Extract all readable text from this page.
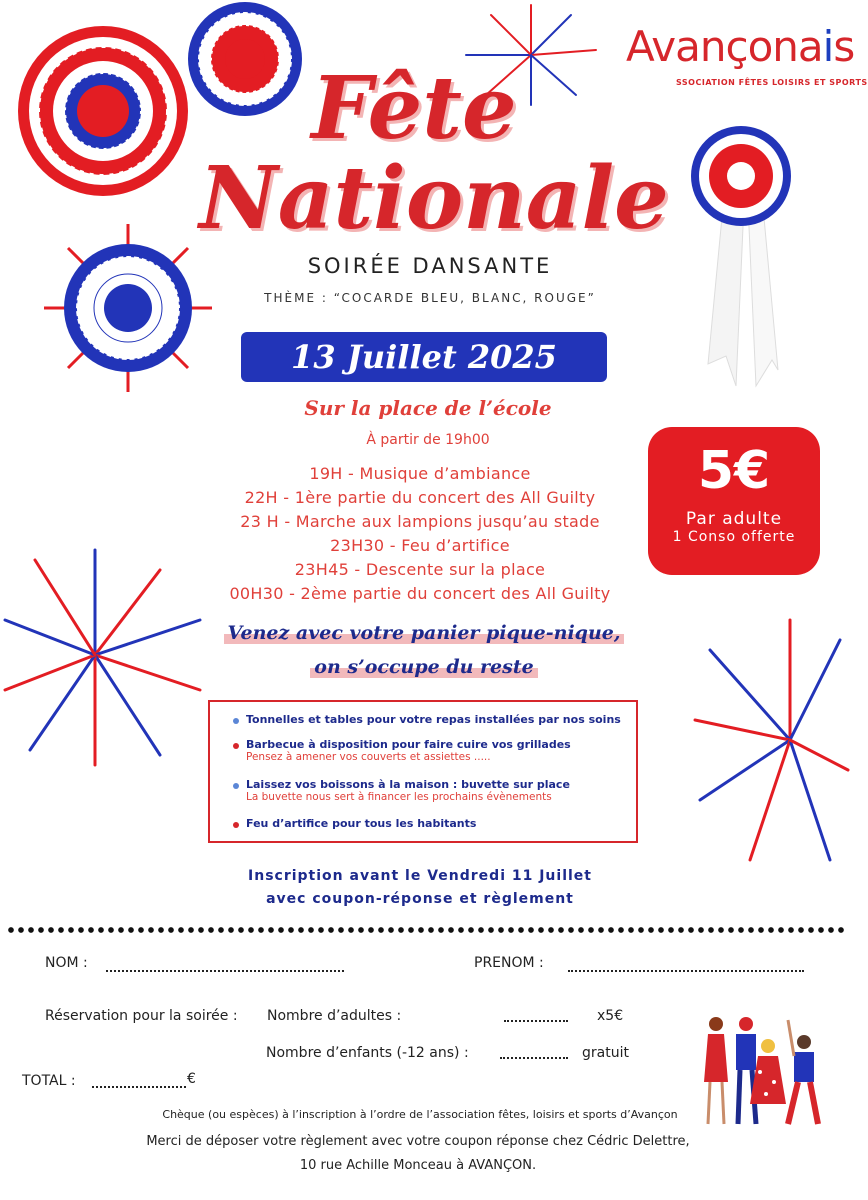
Avançonais
SSOCIATION FÊTES LOISIRS ET SPORTS
Fête
Nationale
SOIRÉE DANSANTE
THÈME : “COCARDE BLEU, BLANC, ROUGE”
13 Juillet 2025
Sur la place de l’école
À partir de 19h00
19H - Musique d’ambiance
22H - 1ère partie du concert des All Guilty
23 H - Marche aux lampions jusqu’au stade
23H30 - Feu d’artifice
23H45 - Descente sur la place
00H30 - 2ème partie du concert des All Guilty
5€
Par adulte
1 Conso offerte
Venez avec votre panier pique-nique,
on s’occupe du reste
Tonnelles et tables pour votre repas installées par nos soins
Barbecue à disposition pour faire cuire vos grillades
Pensez à amener vos couverts et assiettes .....
Laissez vos boissons à la maison : buvette sur place
La buvette nous sert à financer les prochains évènements
Feu d’artifice pour tous les habitants
Inscription avant le Vendredi 11 Juillet
avec coupon-réponse et règlement
NOM :	PRENOM :
Réservation pour la soirée : Nombre d’adultes :	x5€
Nombre d’enfants (-12 ans) :	gratuit
TOTAL :	€
Chèque (ou espèces) à l’inscription à l’ordre de l’association fêtes, loisirs et sports d’Avançon
Merci de déposer votre règlement avec votre coupon réponse chez Cédric Delettre,
10 rue Achille Monceau à AVANÇON.
